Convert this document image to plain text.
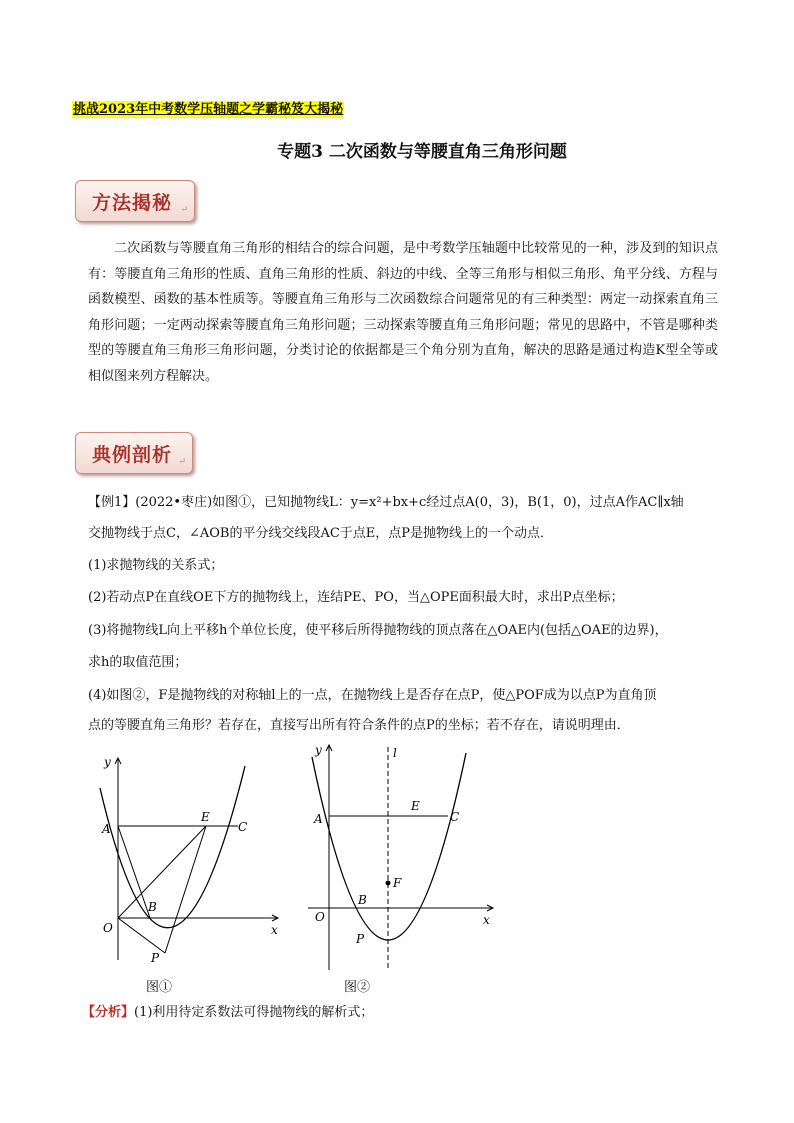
挑战2023年中考数学压轴题之学霸秘笈大揭秘
专题3 二次函数与等腰直角三角形问题
方法揭秘 ↵
二次函数与等腰直角三角形的相结合的综合问题，是中考数学压轴题中比较常见的一种，涉及到的知识点有：等腰直角三角形的性质、直角三角形的性质、斜边的中线、全等三角形与相似三角形、角平分线、方程与函数模型、函数的基本性质等。等腰直角三角形与二次函数综合问题常见的有三种类型：两定一动探索直角三角形问题；一定两动探索等腰直角三角形问题；三动探索等腰直角三角形问题；常见的思路中，不管是哪种类型的等腰直角三角形三角形问题，分类讨论的依据都是三个角分别为直角，解决的思路是通过构造K型全等或相似图来列方程解决。
典例剖析 ↵
【例1】(2022•枣庄)如图①，已知抛物线L：y=x²+bx+c经过点A(0，3)，B(1，0)，过点A作AC∥x轴
交抛物线于点C，∠AOB的平分线交线段AC于点E，点P是抛物线上的一个动点．
(1)求抛物线的关系式；
(2)若动点P在直线OE下方的抛物线上，连结PE、PO，当△OPE面积最大时，求出P点坐标；
(3)将抛物线L向上平移h个单位长度，使平移后所得抛物线的顶点落在△OAE内(包括△OAE的边界)，
求h的取值范围；
(4)如图②，F是抛物线的对称轴l上的一点，在抛物线上是否存在点P，使△POF成为以点P为直角顶
点的等腰直角三角形？若存在，直接写出所有符合条件的点P的坐标；若不存在，请说明理由．
y
x
A
E
C
B
O
P
图①
y	l
x
A
E
C
F
B
O
P
图②
【分析】(1)利用待定系数法可得抛物线的解析式；
